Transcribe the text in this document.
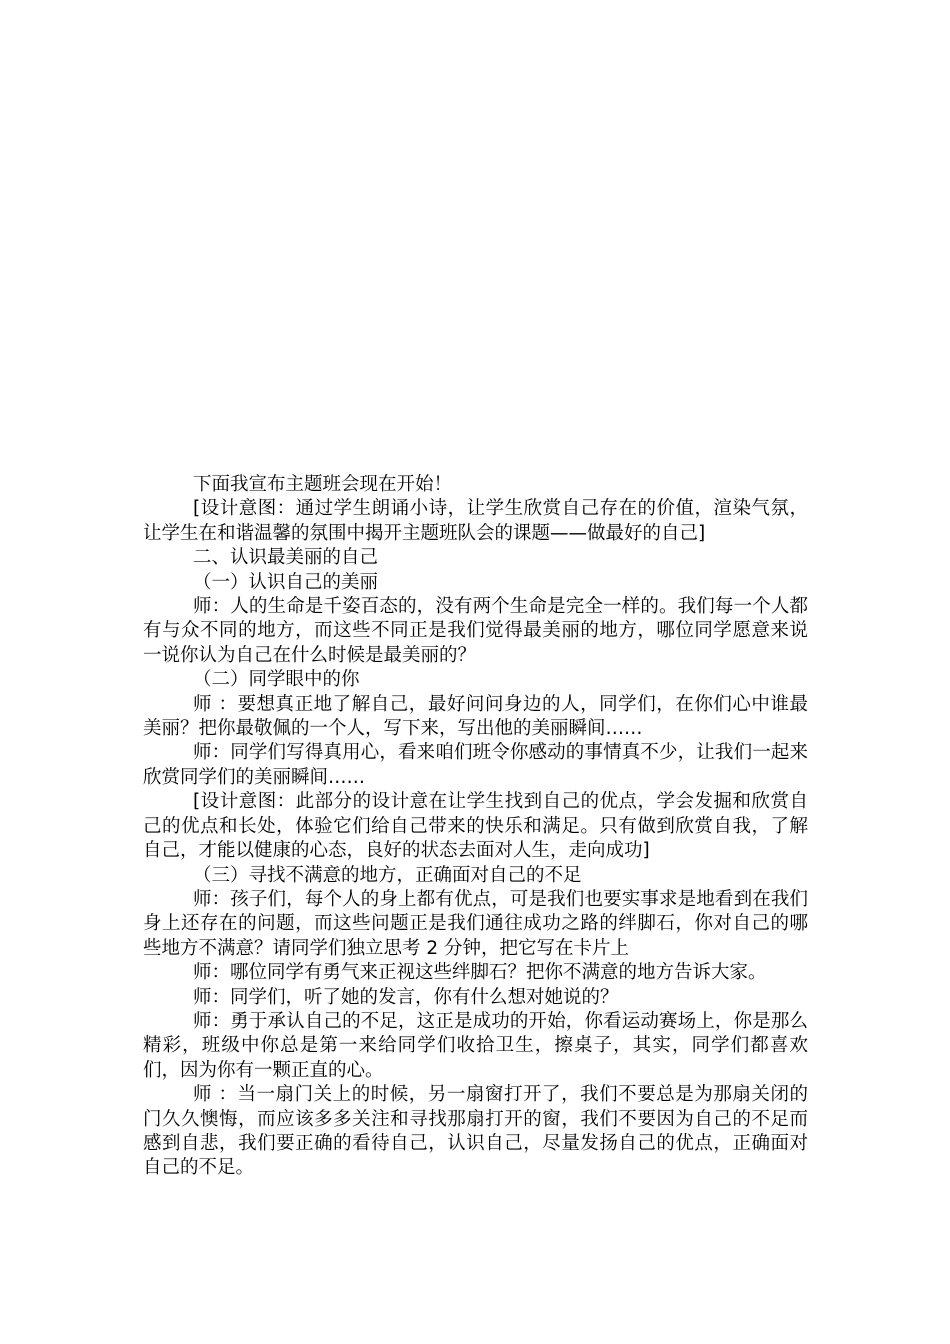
下面我宣布主题班会现在开始！

[设计意图：通过学生朗诵小诗，让学生欣赏自己存在的价值，渲染气氛，让学生在和谐温馨的氛围中揭开主题班队会的课题——做最好的自己]

二、认识最美丽的自己

（一）认识自己的美丽

师：人的生命是千姿百态的，没有两个生命是完全一样的。我们每一个人都有与众不同的地方，而这些不同正是我们觉得最美丽的地方，哪位同学愿意来说一说你认为自己在什么时候是最美丽的？

（二）同学眼中的你

师 ：要想真正地了解自己，最好问问身边的人，同学们，在你们心中谁最美丽？把你最敬佩的一个人，写下来，写出他的美丽瞬间……

师：同学们写得真用心，看来咱们班令你感动的事情真不少，让我们一起来欣赏同学们的美丽瞬间……

[设计意图：此部分的设计意在让学生找到自己的优点，学会发掘和欣赏自己的优点和长处，体验它们给自己带来的快乐和满足。只有做到欣赏自我，了解自己，才能以健康的心态，良好的状态去面对人生，走向成功]

（三）寻找不满意的地方，正确面对自己的不足

师：孩子们，每个人的身上都有优点，可是我们也要实事求是地看到在我们身上还存在的问题，而这些问题正是我们通往成功之路的绊脚石，你对自己的哪些地方不满意？请同学们独立思考 2 分钟，把它写在卡片上

师：哪位同学有勇气来正视这些绊脚石？把你不满意的地方告诉大家。

师：同学们，听了她的发言，你有什么想对她说的？

师：勇于承认自己的不足，这正是成功的开始，你看运动赛场上，你是那么精彩，班级中你总是第一来给同学们收拾卫生，擦桌子，其实，同学们都喜欢们，因为你有一颗正直的心。

师 ：当一扇门关上的时候，另一扇窗打开了，我们不要总是为那扇关闭的门久久懊悔，而应该多多关注和寻找那扇打开的窗，我们不要因为自己的不足而感到自悲，我们要正确的看待自己，认识自己，尽量发扬自己的优点，正确面对自己的不足。
